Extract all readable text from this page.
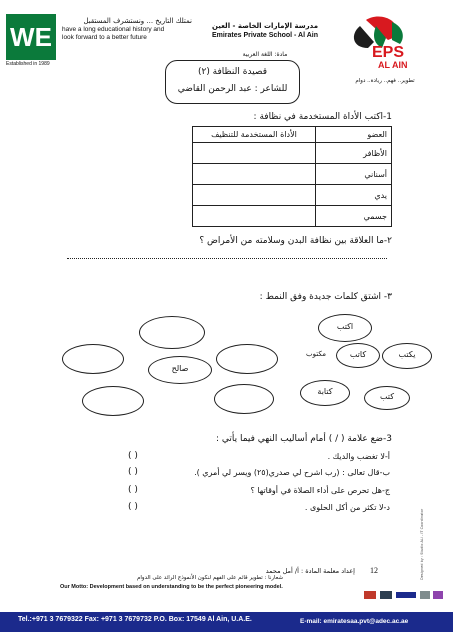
WE
Established in 1989
نمتلك التاريخ ... ونستشرف المستقبل
have a long educational history and
look forward to a better future
مدرسة الإمارات الخاصة - العين
Emirates Private School - Al Ain
مادة: اللغة العربية	EPS
AL AIN
تطوير.. فهم.. ريادة.. دوام
قصيدة النظافة (٢)
للشاعر : عبد الرحمن القاضي
1-اكتب الأداة المستخدمة في نظافة :
العضو	الأداة المستخدمة للتنظيف
الأظافر	
أسناني	
يدي	
جسمي	
٢-ما العلاقة بين نظافة البدن وسلامته من الأمراض ؟
٣- اشتق كلمات جديدة وفق النمط :
صالح
اكتب
كاتب
مكتوب	يكتب
كتابة
كتب
3-ضع علامة ( / ) أمام أساليب النهي فيما يأتي :
أ-لا تغضب والديك .
( )
ب-قال تعالى : (رب اشرح لي صدري(٢٥) ويسر لي أمري ).
( )
ج-هل تحرص على أداء الصلاة في أوقاتها ؟
( )
د-لا تكثر من أكل الحلوى .
( )
12
إعداد معلمة المادة : أ/ أمل محمد
شعارنا : تطوير قائم على الفهم لنكون الأنموذج الرائد على الدوام
Our Motto: Development based on understanding to be the perfect pioneering model.
Tel.:+971 3 7679322 Fax: +971 3 7679732 P.O. Box: 17549 Al Ain, U.A.E.	E-mail: emiratesaa.pvt@adec.ac.ae
Designed by : Studio ALi - IT Coordinator
